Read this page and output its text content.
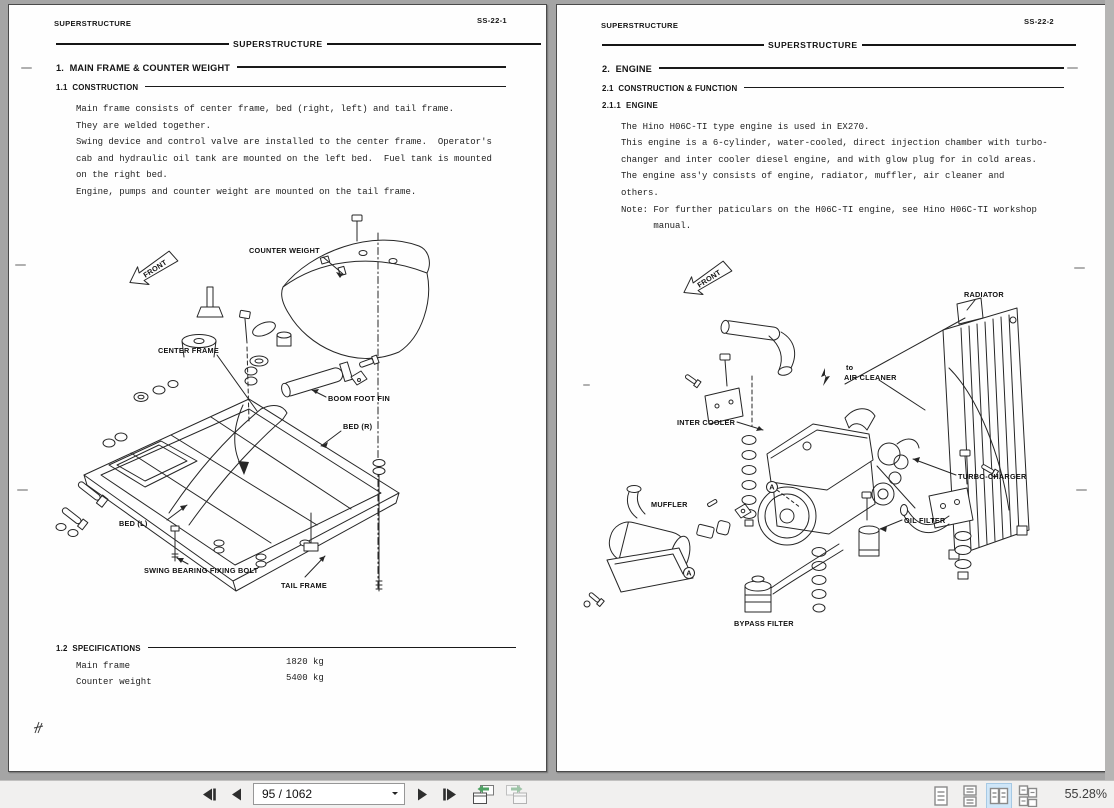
SUPERSTRUCTURE	SS-22-1
SUPERSTRUCTURE
1.  MAIN FRAME & COUNTER WEIGHT
1.1  CONSTRUCTION
Main frame consists of center frame, bed (right, left) and tail frame.
They are welded together.
Swing device and control valve are installed to the center frame.  Operator's
cab and hydraulic oil tank are mounted on the left bed.  Fuel tank is mounted
on the right bed.
Engine, pumps and counter weight are mounted on the tail frame.
FRONT
COUNTER WEIGHT
CENTER FRAME
BOOM FOOT FIN
BED (R)
BED (L)
SWING BEARING FIXING BOLT
TAIL FRAME
1.2  SPECIFICATIONS
Main frame	1820 kg
Counter weight	5400 kg
SUPERSTRUCTURE	SS-22-2
SUPERSTRUCTURE
2.  ENGINE
2.1  CONSTRUCTION & FUNCTION
2.1.1  ENGINE
The Hino H06C-TI type engine is used in EX270.
This engine is a 6-cylinder, water-cooled, direct injection chamber with turbo-
changer and inter cooler diesel engine, and with glow plug for in cold areas.
The engine ass'y consists of engine, radiator, muffler, air cleaner and
others.
Note: For further paticulars on the H06C-TI engine, see Hino H06C-TI workshop
manual.
FRONT
A
A
RADIATOR
to
AIR CLEANER
INTER COOLER
TURBO-CHARGER
MUFFLER
OIL FILTER
BYPASS FILTER
95 / 1062	55.28%
